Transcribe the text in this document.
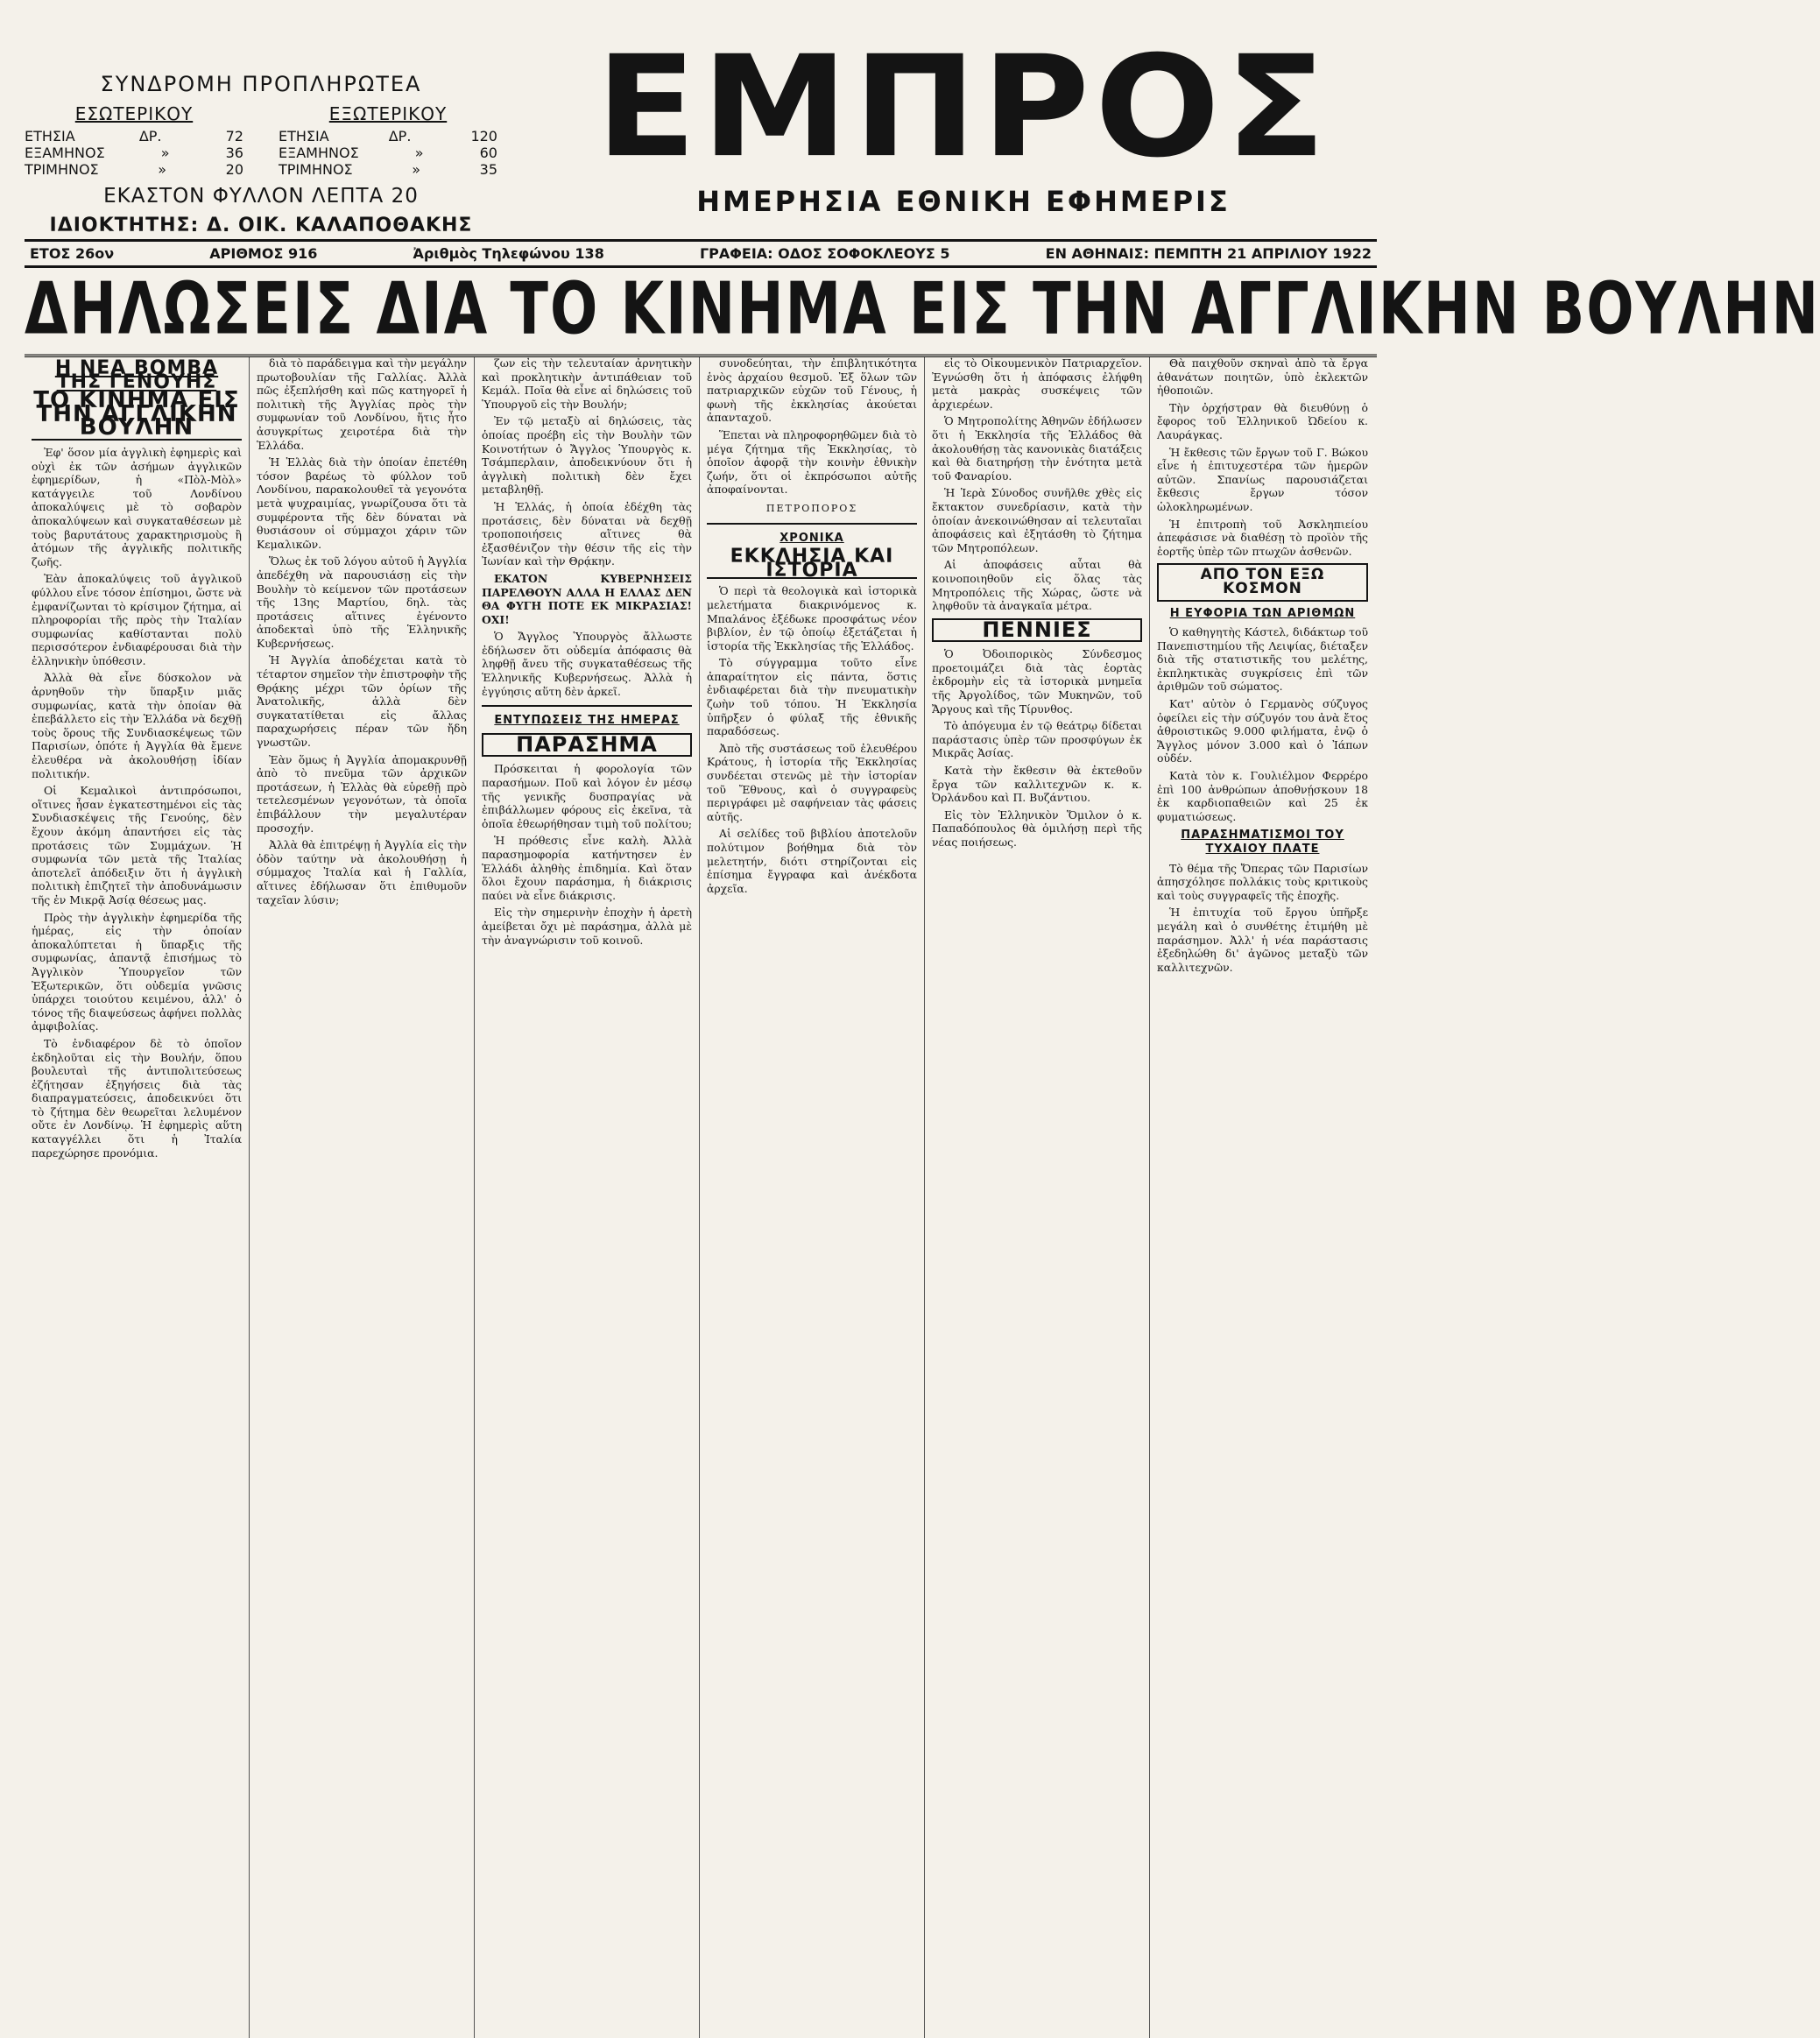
ΣΥΝΔΡΟΜΗ ΠΡΟΠΛΗΡΩΤΕΑ
ΕΣΩΤΕΡΙΚΟΥ
ΕΤΗΣΙΑ	ΔΡ.	72
ΕΞΑΜΗΝΟΣ	»	36
ΤΡΙΜΗΝΟΣ	»	20
ΕΞΩΤΕΡΙΚΟΥ
ΕΤΗΣΙΑ	ΔΡ.	120
ΕΞΑΜΗΝΟΣ	»	60
ΤΡΙΜΗΝΟΣ	»	35
ΕΚΑΣΤΟΝ ΦΥΛΛΟΝ ΛΕΠΤΑ 20
ΙΔΙΟΚΤΗΤΗΣ: Δ. ΟΙΚ. ΚΑΛΑΠΟΘΑΚΗΣ
ΕΜΠΡΟΣ
ΗΜΕΡΗΣΙΑ ΕΘΝΙΚΗ ΕΦΗΜΕΡΙΣ
ΕΤΟΣ 26ον	ΑΡΙΘΜΟΣ 916	Ἀριθμὸς Τηλεφώνου 138	ΓΡΑΦΕΙΑ: ΟΔΟΣ ΣΟΦΟΚΛΕΟΥΣ 5	ΕΝ ΑΘΗΝΑΙΣ: ΠΕΜΠΤΗ 21 ΑΠΡΙΛΙΟΥ 1922
ΔΗΛΩΣΕΙΣ ΔΙΑ ΤΟ ΚΙΝΗΜΑ ΕΙΣ ΤΗΝ ΑΓΓΛΙΚΗΝ ΒΟΥΛΗΝ
Η ΝΕΑ ΒΟΜΒΑ ΤΗΣ ΓΕΝΟΥΗΣ
ΤΟ ΚΙΝΗΜΑ ΕΙΣ ΤΗΝ ΑΓΓΛΙΚΗΝ ΒΟΥΛΗΝ

Ἐφ' ὅσον μία ἀγγλικὴ ἐφημερὶς καὶ οὐχὶ ἐκ τῶν ἀσήμων ἀγγλικῶν ἐφημερίδων, ἡ «Πὸλ-Μὸλ» κατάγγειλε τοῦ Λονδίνου ἀποκαλύψεις μὲ τὸ σοβαρὸν ἀποκαλύψεων καὶ συγκαταθέσεων μὲ τοὺς βαρυτάτους χαρακτηρισμοὺς ἢ ἀτόμων τῆς ἀγγλικῆς πολιτικῆς ζωῆς.

Ἐὰν ἀποκαλύψεις τοῦ ἀγγλικοῦ φύλλου εἶνε τόσον ἐπίσημοι, ὥστε νὰ ἐμφανίζωνται τὸ κρίσιμον ζήτημα, αἱ πληροφορίαι τῆς πρὸς τὴν Ἰταλίαν συμφωνίας καθίστανται πολὺ περισσότερον ἐνδιαφέρουσαι διὰ τὴν ἑλληνικὴν ὑπόθεσιν.

Ἀλλὰ θὰ εἶνε δύσκολον νὰ ἀρνηθοῦν τὴν ὕπαρξιν μιᾶς συμφωνίας, κατὰ τὴν ὁποίαν θὰ ἐπεβάλλετο εἰς τὴν Ἑλλάδα νὰ δεχθῇ τοὺς ὅρους τῆς Συνδιασκέψεως τῶν Παρισίων, ὁπότε ἡ Ἀγγλία θὰ ἔμενε ἐλευθέρα νὰ ἀκολουθήσῃ ἰδίαν πολιτικήν.

Οἱ Κεμαλικοὶ ἀντιπρόσωποι, οἵτινες ἦσαν ἐγκατεστημένοι εἰς τὰς Συνδιασκέψεις τῆς Γενούης, δὲν ἔχουν ἀκόμη ἀπαντήσει εἰς τὰς προτάσεις τῶν Συμμάχων. Ἡ συμφωνία τῶν μετὰ τῆς Ἰταλίας ἀποτελεῖ ἀπόδειξιν ὅτι ἡ ἀγγλικὴ πολιτικὴ ἐπιζητεῖ τὴν ἀποδυνάμωσιν τῆς ἐν Μικρᾷ Ἀσίᾳ θέσεως μας.

Πρὸς τὴν ἀγγλικὴν ἐφημερίδα τῆς ἡμέρας, εἰς τὴν ὁποίαν ἀποκαλύπτεται ἡ ὕπαρξις τῆς συμφωνίας, ἀπαντᾷ ἐπισήμως τὸ Ἀγγλικὸν Ὑπουργεῖον τῶν Ἐξωτερικῶν, ὅτι οὐδεμία γνῶσις ὑπάρχει τοιούτου κειμένου, ἀλλ' ὁ τόνος τῆς διαψεύσεως ἀφήνει πολλὰς ἀμφιβολίας.

Τὸ ἐνδιαφέρον δὲ τὸ ὁποῖον ἐκδηλοῦται εἰς τὴν Βουλήν, ὅπου βουλευταὶ τῆς ἀντιπολιτεύσεως ἐζήτησαν ἐξηγήσεις διὰ τὰς διαπραγματεύσεις, ἀποδεικνύει ὅτι τὸ ζήτημα δὲν θεωρεῖται λελυμένον οὔτε ἐν Λονδίνῳ. Ἡ ἐφημερὶς αὕτη καταγγέλλει ὅτι ἡ Ἰταλία παρεχώρησε προνόμια.

διὰ τὸ παράδειγμα καὶ τὴν μεγάλην πρωτοβουλίαν τῆς Γαλλίας. Ἀλλὰ πῶς ἐξεπλήσθη καὶ πῶς κατηγορεῖ ἡ πολιτικὴ τῆς Ἀγγλίας πρὸς τὴν συμφωνίαν τοῦ Λονδίνου, ἥτις ἦτο ἀσυγκρίτως χειροτέρα διὰ τὴν Ἑλλάδα.

Ἡ Ἑλλὰς διὰ τὴν ὁποίαν ἐπετέθη τόσον βαρέως τὸ φύλλον τοῦ Λονδίνου, παρακολουθεῖ τὰ γεγονότα μετὰ ψυχραιμίας, γνωρίζουσα ὅτι τὰ συμφέροντα τῆς δὲν δύναται νὰ θυσιάσουν οἱ σύμμαχοι χάριν τῶν Κεμαλικῶν.

Ὅλως ἐκ τοῦ λόγου αὐτοῦ ἡ Ἀγγλία ἀπεδέχθη νὰ παρουσιάσῃ εἰς τὴν Βουλὴν τὸ κείμενον τῶν προτάσεων τῆς 13ης Μαρτίου, δηλ. τὰς προτάσεις αἵτινες ἐγένοντο ἀποδεκταὶ ὑπὸ τῆς Ἑλληνικῆς Κυβερνήσεως.

Ἡ Ἀγγλία ἀποδέχεται κατὰ τὸ τέταρτον σημεῖον τὴν ἐπιστροφὴν τῆς Θρᾴκης μέχρι τῶν ὁρίων τῆς Ἀνατολικῆς, ἀλλὰ δὲν συγκατατίθεται εἰς ἄλλας παραχωρήσεις πέραν τῶν ἤδη γνωστῶν.

Ἐὰν ὅμως ἡ Ἀγγλία ἀπομακρυνθῇ ἀπὸ τὸ πνεῦμα τῶν ἀρχικῶν προτάσεων, ἡ Ἑλλὰς θὰ εὑρεθῇ πρὸ τετελεσμένων γεγονότων, τὰ ὁποῖα ἐπιβάλλουν τὴν μεγαλυτέραν προσοχήν.

Ἀλλὰ θὰ ἐπιτρέψῃ ἡ Ἀγγλία εἰς τὴν ὁδὸν ταύτην νὰ ἀκολουθήσῃ ἡ σύμμαχος Ἰταλία καὶ ἡ Γαλλία, αἵτινες ἐδήλωσαν ὅτι ἐπιθυμοῦν ταχεῖαν λύσιν;

ζων εἰς τὴν τελευταίαν ἀρνητικὴν καὶ προκλητικὴν ἀντιπάθειαν τοῦ Κεμάλ. Ποῖα θὰ εἶνε αἱ δηλώσεις τοῦ Ὑπουργοῦ εἰς τὴν Βουλήν;

Ἐν τῷ μεταξὺ αἱ δηλώσεις, τὰς ὁποίας προέβη εἰς τὴν Βουλὴν τῶν Κοινοτήτων ὁ Ἄγγλος Ὑπουργὸς κ. Τσάμπερλαιν, ἀποδεικνύουν ὅτι ἡ ἀγγλικὴ πολιτικὴ δὲν ἔχει μεταβληθῇ.

Ἡ Ἑλλάς, ἡ ὁποία ἐδέχθη τὰς προτάσεις, δὲν δύναται νὰ δεχθῇ τροποποιήσεις αἵτινες θὰ ἐξασθένιζον τὴν θέσιν τῆς εἰς τὴν Ἰωνίαν καὶ τὴν Θρᾴκην.

ΕΚΑΤΟΝ ΚΥΒΕΡΝΗΣΕΙΣ ΠΑΡΕΛΘΟΥΝ ΑΛΛΑ Η ΕΛΛΑΣ ΔΕΝ ΘΑ ΦΥΓΗ ΠΟΤΕ ΕΚ ΜΙΚΡΑΣΙΑΣ! ΟΧΙ!

Ὁ Ἄγγλος Ὑπουργὸς ἄλλωστε ἐδήλωσεν ὅτι οὐδεμία ἀπόφασις θὰ ληφθῇ ἄνευ τῆς συγκαταθέσεως τῆς Ἑλληνικῆς Κυβερνήσεως. Ἀλλὰ ἡ ἐγγύησις αὕτη δὲν ἀρκεῖ.

ΕΝΤΥΠΩΣΕΙΣ ΤΗΣ ΗΜΕΡΑΣ
ΠΑΡΑΣΗΜΑ

Πρόσκειται ἡ φορολογία τῶν παρασήμων. Ποῦ καὶ λόγον ἐν μέσῳ τῆς γενικῆς δυσπραγίας νὰ ἐπιβάλλωμεν φόρους εἰς ἐκεῖνα, τὰ ὁποῖα ἐθεωρήθησαν τιμὴ τοῦ πολίτου;

Ἡ πρόθεσις εἶνε καλὴ. Ἀλλὰ παρασημοφορία κατήντησεν ἐν Ἑλλάδι ἀληθὴς ἐπιδημία. Καὶ ὅταν ὅλοι ἔχουν παράσημα, ἡ διάκρισις παύει νὰ εἶνε διάκρισις.

Εἰς τὴν σημερινὴν ἐποχὴν ἡ ἀρετὴ ἀμείβεται ὄχι μὲ παράσημα, ἀλλὰ μὲ τὴν ἀναγνώρισιν τοῦ κοινοῦ.

συνοδεύηται, τὴν ἐπιβλητικότητα ἑνὸς ἀρχαίου θεσμοῦ. Ἐξ ὅλων τῶν πατριαρχικῶν εὐχῶν τοῦ Γένους, ἡ φωνὴ τῆς ἐκκλησίας ἀκούεται ἀπανταχοῦ.

Ἕπεται νὰ πληροφορηθῶμεν διὰ τὸ μέγα ζήτημα τῆς Ἐκκλησίας, τὸ ὁποῖον ἀφορᾷ τὴν κοινὴν ἐθνικὴν ζωήν, ὅτι οἱ ἐκπρόσωποι αὐτῆς ἀποφαίνονται.

ΠΕΤΡΟΠΟΡΟΣ
ΧΡΟΝΙΚΑ
ΕΚΚΛΗΣΙΑ ΚΑΙ ΙΣΤΟΡΙΑ

Ὁ περὶ τὰ θεολογικὰ καὶ ἱστορικὰ μελετήματα διακρινόμενος κ. Μπαλάνος ἐξέδωκε προσφάτως νέον βιβλίον, ἐν τῷ ὁποίῳ ἐξετάζεται ἡ ἱστορία τῆς Ἐκκλησίας τῆς Ἑλλάδος.

Τὸ σύγγραμμα τοῦτο εἶνε ἀπαραίτητον εἰς πάντα, ὅστις ἐνδιαφέρεται διὰ τὴν πνευματικὴν ζωὴν τοῦ τόπου. Ἡ Ἐκκλησία ὑπῆρξεν ὁ φύλαξ τῆς ἐθνικῆς παραδόσεως.

Ἀπὸ τῆς συστάσεως τοῦ ἐλευθέρου Κράτους, ἡ ἱστορία τῆς Ἐκκλησίας συνδέεται στενῶς μὲ τὴν ἱστορίαν τοῦ Ἔθνους, καὶ ὁ συγγραφεὺς περιγράφει μὲ σαφήνειαν τὰς φάσεις αὐτῆς.

Αἱ σελίδες τοῦ βιβλίου ἀποτελοῦν πολύτιμον βοήθημα διὰ τὸν μελετητήν, διότι στηρίζονται εἰς ἐπίσημα ἔγγραφα καὶ ἀνέκδοτα ἀρχεῖα.

εἰς τὸ Οἰκουμενικὸν Πατριαρχεῖον. Ἐγνώσθη ὅτι ἡ ἀπόφασις ἐλήφθη μετὰ μακρὰς συσκέψεις τῶν ἀρχιερέων.

Ὁ Μητροπολίτης Ἀθηνῶν ἐδήλωσεν ὅτι ἡ Ἐκκλησία τῆς Ἑλλάδος θὰ ἀκολουθήσῃ τὰς κανονικὰς διατάξεις καὶ θὰ διατηρήσῃ τὴν ἑνότητα μετὰ τοῦ Φαναρίου.

Ἡ Ἱερὰ Σύνοδος συνῆλθε χθὲς εἰς ἔκτακτον συνεδρίασιν, κατὰ τὴν ὁποίαν ἀνεκοινώθησαν αἱ τελευταῖαι ἀποφάσεις καὶ ἐξητάσθη τὸ ζήτημα τῶν Μητροπόλεων.

Αἱ ἀποφάσεις αὗται θὰ κοινοποιηθοῦν εἰς ὅλας τὰς Μητροπόλεις τῆς Χώρας, ὥστε νὰ ληφθοῦν τὰ ἀναγκαῖα μέτρα.

ΠΕΝΝΙΕΣ

Ὁ Ὀδοιπορικὸς Σύνδεσμος προετοιμάζει διὰ τὰς ἑορτὰς ἐκδρομὴν εἰς τὰ ἱστορικὰ μνημεῖα τῆς Ἀργολίδος, τῶν Μυκηνῶν, τοῦ Ἄργους καὶ τῆς Τίρυνθος.

Τὸ ἀπόγευμα ἐν τῷ θεάτρῳ δίδεται παράστασις ὑπὲρ τῶν προσφύγων ἐκ Μικρᾶς Ἀσίας.

Κατὰ τὴν ἔκθεσιν θὰ ἐκτεθοῦν ἔργα τῶν καλλιτεχνῶν κ. κ. Ὀρλάνδου καὶ Π. Βυζάντιου.

Εἰς τὸν Ἑλληνικὸν Ὅμιλον ὁ κ. Παπαδόπουλος θὰ ὁμιλήσῃ περὶ τῆς νέας ποιήσεως.

Θὰ παιχθοῦν σκηναὶ ἀπὸ τὰ ἔργα ἀθανάτων ποιητῶν, ὑπὸ ἐκλεκτῶν ἠθοποιῶν.

Τὴν ὀρχήστραν θὰ διευθύνῃ ὁ ἔφορος τοῦ Ἑλληνικοῦ Ὠδείου κ. Λαυράγκας.

Ἡ ἔκθεσις τῶν ἔργων τοῦ Γ. Βώκου εἶνε ἡ ἐπιτυχεστέρα τῶν ἡμερῶν αὐτῶν. Σπανίως παρουσιάζεται ἔκθεσις ἔργων τόσον ὡλοκληρωμένων.

Ἡ ἐπιτροπὴ τοῦ Ἀσκληπιείου ἀπεφάσισε νὰ διαθέσῃ τὸ προϊὸν τῆς ἑορτῆς ὑπὲρ τῶν πτωχῶν ἀσθενῶν.

ΑΠΟ ΤΟΝ ΕΞΩ ΚΟΣΜΟΝ
Η ΕΥΦΟΡΙΑ ΤΩΝ ΑΡΙΘΜΩΝ

Ὁ καθηγητὴς Κάστελ, διδάκτωρ τοῦ Πανεπιστημίου τῆς Λειψίας, διέταξεν διὰ τῆς στατιστικῆς του μελέτης, ἐκπληκτικὰς συγκρίσεις ἐπὶ τῶν ἀριθμῶν τοῦ σώματος.

Κατ' αὐτὸν ὁ Γερμανὸς σύζυγος ὀφείλει εἰς τὴν σύζυγόν του ἀνὰ ἔτος ἀθροιστικῶς 9.000 φιλήματα, ἐνῷ ὁ Ἄγγλος μόνον 3.000 καὶ ὁ Ἰάπων οὐδέν.

Κατὰ τὸν κ. Γουλιέλμον Φερρέρο ἐπὶ 100 ἀνθρώπων ἀποθνῄσκουν 18 ἐκ καρδιοπαθειῶν καὶ 25 ἐκ φυματιώσεως.

ΠΑΡΑΣΗΜΑΤΙΣΜΟΙ ΤΟΥ ΤΥΧΑΙΟΥ ΠΛΑΤΕ

Τὸ θέμα τῆς Ὄπερας τῶν Παρισίων ἀπησχόλησε πολλάκις τοὺς κριτικοὺς καὶ τοὺς συγγραφεῖς τῆς ἐποχῆς.

Ἡ ἐπιτυχία τοῦ ἔργου ὑπῆρξε μεγάλη καὶ ὁ συνθέτης ἐτιμήθη μὲ παράσημον. Ἀλλ' ἡ νέα παράστασις ἐξεδηλώθη δι' ἀγῶνος μεταξὺ τῶν καλλιτεχνῶν.
